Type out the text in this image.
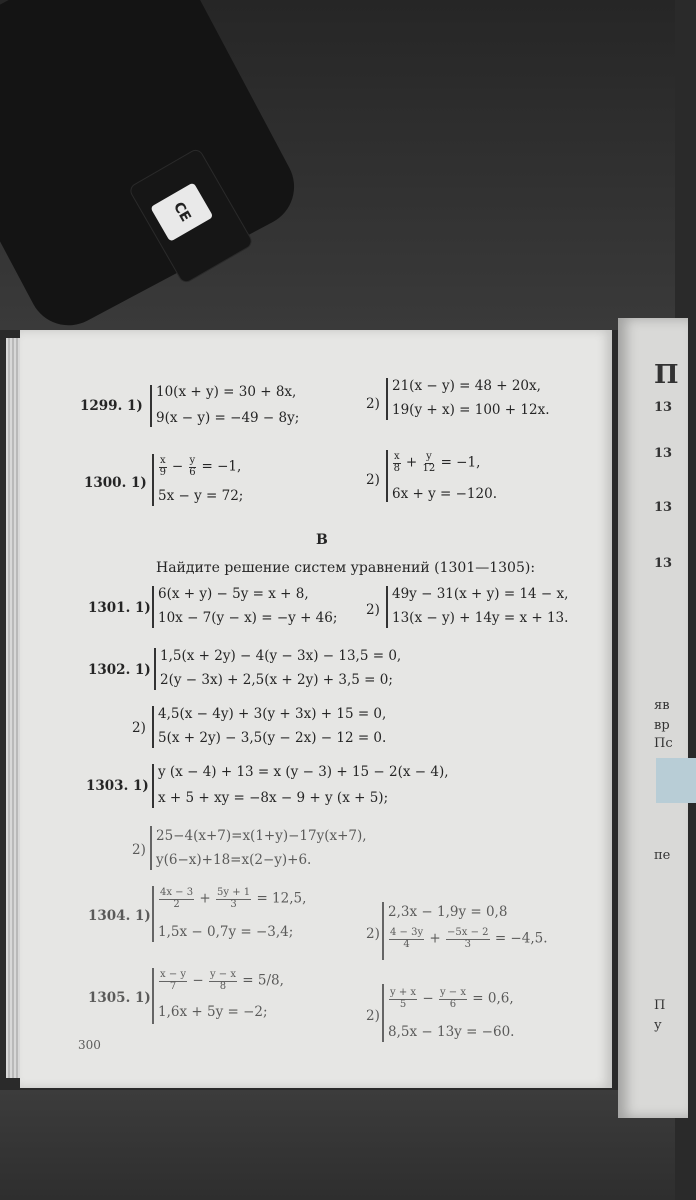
CE
П
13
13
13
13
яв
вр
Пс
пе
П
у
1299. 1)
10(x + y) = 30 + 8x,
9(x − y) = −49 − 8y;
2)
21(x − y) = 48 + 20x,
19(y + x) = 100 + 12x.
1300. 1)
$\frac{x}{9} - \frac{y}{6} = -1$,
5x − y = 72;
2)
$\frac{x}{8} + \frac{y}{12} = -1$,
6x + y = −120.
B
Найдите решение систем уравнений (1301—1305):
1301. 1)
6(x + y) − 5y = x + 8,
10x − 7(y − x) = −y + 46; 2)
49y − 31(x + y) = 14 − x,
13(x − y) + 14y = x + 13.
1302. 1)
1,5(x + 2y) − 4(y − 3x) − 13,5 = 0,
2(y − 3x) + 2,5(x + 2y) + 3,5 = 0;
2)
4,5(x − 4y) + 3(y + 3x) + 15 = 0,
5(x + 2y) − 3,5(y − 2x) − 12 = 0.
1303. 1)
y (x − 4) + 13 = x (y − 3) + 15 − 2(x − 4),
x + 5 + xy = −8x − 9 + y (x + 5);
2)
25−4(x+7)=x(1+y)−17y(x+7),
y(6−x)+18=x(2−y)+6.
1304. 1)
$\frac{4x - 3}{2} + \frac{5y + 1}{3} = 12,5$,
1,5x − 0,7y = −3,4;	2)
2,3x − 1,9y = 0,8
$\frac{4 - 3y}{4} + \frac{-5x - 2}{3} = -4,5$.
1305. 1)
$\frac{x - y}{7} - \frac{y - x}{8} = 5/8$,
1,6x + 5y = −2;	2)
$\frac{y + x}{5} - \frac{y - x}{6} = 0,6$,
8,5x − 13y = −60.
300
